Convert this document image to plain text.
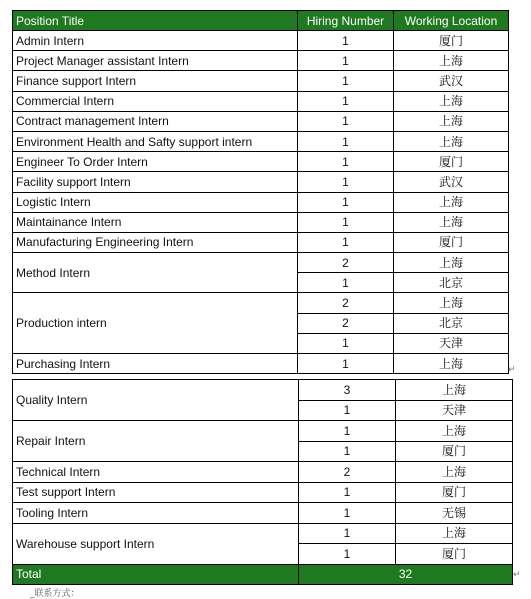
Position Title	Hiring Number	Working Location
Admin Intern	1	厦门
Project Manager assistant Intern	1	上海
Finance support Intern	1	武汉
Commercial Intern	1	上海
Contract management Intern	1	上海
Environment Health and Safty support intern	1	上海
Engineer To Order Intern	1	厦门
Facility support Intern	1	武汉
Logistic Intern	1	上海
Maintainance Intern	1	上海
Manufacturing Engineering Intern	1	厦门
Method Intern	2	上海
	1	北京
Production intern	2	上海
	2	北京
	1	天津
Purchasing Intern	1	上海
Quality Intern	3	上海
	1	天津
Repair Intern	1	上海
	1	厦门
Technical Intern	2	上海
Test support Intern	1	厦门
Tooling Intern	1	无锡
Warehouse support Intern	1	上海
	1	厦门
Total	32	
↵
↵
_联系方式：
